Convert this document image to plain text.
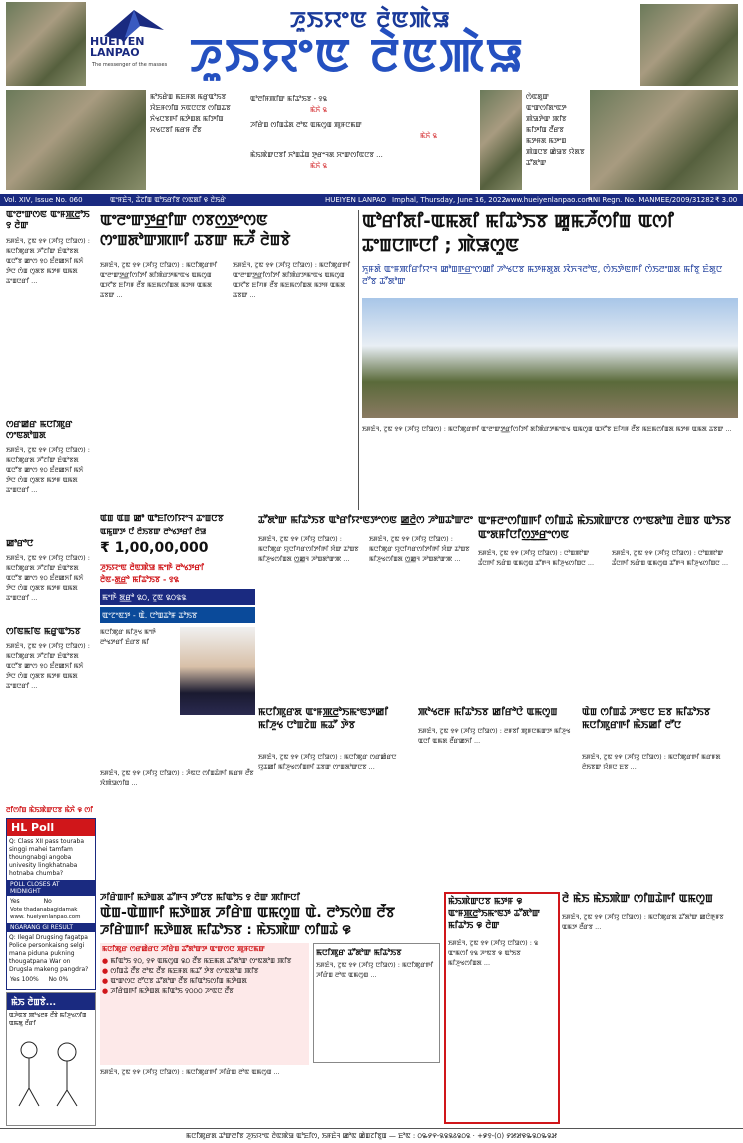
HUEIYEN
LANPAO
The messenger of the masses
ꯍꯨꯏꯌꯦꯟ ꯂꯥꯟꯄꯥꯎ
ꯍꯨꯏꯌꯦꯟ ꯂꯥꯟꯄꯥꯎ
ꯃꯣꯏꯔꯥꯡ ꯃꯐꯝꯗ ꯃꯔꯨꯑꯣꯏꯕ ꯋꯥꯐꯝꯁꯤꯡ ꯈꯟꯅꯅꯕ ꯁꯤꯡꯊꯕ ꯈꯥꯠꯅꯕꯒꯤ ꯃꯇꯥꯡꯗ ꯃꯤꯇꯤꯡ ꯆꯠꯅꯕꯤ ꯃꯔꯝ ꯂꯩꯕ
ꯑꯣꯂꯤꯝꯄꯤꯛ ꯃꯤꯊꯣꯏꯕ - ꯱꯲
ꯃꯥꯈꯥ ꯲
ꯍꯤꯔꯥꯡ ꯁꯤꯡꯊꯥꯗ ꯂꯣꯟ ꯑꯃꯁꯨꯡ ꯄꯨꯝꯅꯃꯛ
ꯃꯥꯈꯥ ꯲
ꯃꯥꯏꯄꯥꯛꯅꯕꯤ ꯈꯣꯡꯊꯥꯡ ꯇꯨꯔꯦꯜꯗ ꯆꯦꯛꯁꯤꯟꯅꯕ ...
ꯃꯥꯈꯥ ꯲
ꯁꯥꯟꯗꯨꯛ ꯑꯦꯛꯁꯤꯗꯦꯟꯇ ꯄꯥꯎꯇꯥꯛ ꯄꯤꯕ ꯃꯤꯇꯤꯡ ꯂꯩꯔꯕ ꯃꯇꯝꯗ ꯃꯇꯦꯡ ꯄꯥꯡꯅꯕ ꯀꯥꯎꯕ ꯌꯥꯗꯕ ꯊꯧꯗꯣꯛ
Vol. XIV, Issue No. 060	ꯑꯦꯝꯐꯥꯜ, ꯊꯥꯖꯤꯡ ꯑꯣꯏꯔꯤꯕ ꯁꯟꯗꯤ ꯶ ꯂꯥꯏꯔꯥ	HUEIYEN LANPAO Imphal, Thursday, June 16, 2022
www.hueiyenlanpao.com
RNI Regn. No. MANMEE/2009/31282 ₹ 3.00
ꯑꯦꯂꯦꯛꯁꯟ ꯑꯦꯝꯄ꯭ꯂꯣꯏ ꯱ ꯂꯥꯛ
ꯏꯝꯐꯥꯜ, ꯖꯨꯟ ꯱꯵ (ꯍꯤꯌꯨ ꯅꯤꯎꯁ) : ꯃꯅꯤꯄꯨꯔꯗ ꯍꯧꯖꯤꯛ ꯐꯥꯑꯣꯕꯗ ꯑꯅꯧꯕ ꯀꯦꯁ ꯱꯰ ꯐꯪꯂꯀꯈꯤ ꯃꯈꯥ ꯇꯥꯅ ꯁꯥꯡ ꯁꯨꯗꯕ ꯃꯇꯝ ꯑꯃꯗ ꯊꯦꯡꯅꯔꯤ ...
ꯁꯔꯀꯥꯔ ꯃꯅꯤꯄꯨꯔ ꯁꯦꯟꯗꯣꯡꯗ
ꯏꯝꯐꯥꯜ, ꯖꯨꯟ ꯱꯵ (ꯍꯤꯌꯨ ꯅꯤꯎꯁ) : ꯃꯅꯤꯄꯨꯔꯗ ꯍꯧꯖꯤꯛ ꯐꯥꯑꯣꯕꯗ ꯑꯅꯧꯕ ꯀꯦꯁ ꯱꯰ ꯐꯪꯂꯀꯈꯤ ꯃꯈꯥ ꯇꯥꯅ ꯁꯥꯡ ꯁꯨꯗꯕ ꯃꯇꯝ ꯑꯃꯗ ꯊꯦꯡꯅꯔꯤ ...
ꯀꯣꯔꯣꯅꯥ
ꯏꯝꯐꯥꯜ, ꯖꯨꯟ ꯱꯵ (ꯍꯤꯌꯨ ꯅꯤꯎꯁ) : ꯃꯅꯤꯄꯨꯔꯗ ꯍꯧꯖꯤꯛ ꯐꯥꯑꯣꯕꯗ ꯑꯅꯧꯕ ꯀꯦꯁ ꯱꯰ ꯐꯪꯂꯀꯈꯤ ꯃꯈꯥ ꯇꯥꯅ ꯁꯥꯡ ꯁꯨꯗꯕ ꯃꯇꯝ ꯑꯃꯗ ꯊꯦꯡꯅꯔꯤ ...
ꯁꯤꯟꯃꯤꯟ ꯃꯔꯨꯑꯣꯏꯕ
ꯏꯝꯐꯥꯜ, ꯖꯨꯟ ꯱꯵ (ꯍꯤꯌꯨ ꯅꯤꯎꯁ) : ꯃꯅꯤꯄꯨꯔꯗ ꯍꯧꯖꯤꯛ ꯐꯥꯑꯣꯕꯗ ꯑꯅꯧꯕ ꯀꯦꯁ ꯱꯰ ꯐꯪꯂꯀꯈꯤ ꯃꯈꯥ ꯇꯥꯅ ꯁꯥꯡ ꯁꯨꯗꯕ ꯃꯇꯝ ꯑꯃꯗ ꯊꯦꯡꯅꯔꯤ ...
ꯂꯤꯁꯤꯡ ꯃꯥꯏꯄꯥꯛꯅꯕ ꯃꯥꯈꯥ ꯶ ꯁꯤ
HL Poll
Q: Class XII pass touraba singgi mahei tamfam thoungnabgi angoba univesity lingkhatnaba hotnaba chumba?
POLL CLOSES AT MIDNIGHT
Yes	No
Vote thadanabagidamak www. hueiyenlanpao.com
NGARANG GI RESULT
Q: Ilegal Drugsing fagatpa Police personkaisng selgi mana piduna pukning thougatpana War on Drugsla makeng pangdra?
Yes 100% No 0%
ꯃꯥꯏ ꯂꯥꯡꯕꯥ...
ꯑꯍꯥꯟꯕ ꯄꯣꯠꯂꯝ ꯂꯩꯕꯥ ꯃꯤꯍꯨꯠꯁꯤꯡ ꯑꯃꯗꯨ ꯂꯩꯔꯤ
ꯑꯦꯂꯦꯛꯇ꯭ꯔꯤꯛ ꯁꯕꯁ꯭ꯇꯦꯁꯟ ꯁꯦꯡꯗꯣꯛꯄꯒꯤ ꯊꯕꯛ ꯃꯍꯩ ꯂꯥꯡꯕꯥ
ꯏꯝꯐꯥꯜ, ꯖꯨꯟ ꯱꯵ (ꯍꯤꯌꯨ ꯅꯤꯎꯁ) : ꯃꯅꯤꯄꯨꯔꯒꯤ ꯑꯦꯂꯦꯛꯇ꯭ꯔꯤꯁꯤꯇꯤ ꯗꯤꯄꯥꯔꯇꯃꯦꯟꯠ ꯑꯃꯁꯨꯡ ꯑꯆꯧꯕ ꯐꯤꯚꯝ ꯂꯩꯕ ꯃꯐꯃꯁꯤꯡꯗ ꯃꯇꯝ ꯑꯃꯗ ꯊꯕꯛ ...
ꯏꯝꯐꯥꯜ, ꯖꯨꯟ ꯱꯵ (ꯍꯤꯌꯨ ꯅꯤꯎꯁ) : ꯃꯅꯤꯄꯨꯔꯒꯤ ꯑꯦꯂꯦꯛꯇ꯭ꯔꯤꯁꯤꯇꯤ ꯗꯤꯄꯥꯔꯇꯃꯦꯟꯠ ꯑꯃꯁꯨꯡ ꯑꯆꯧꯕ ꯐꯤꯚꯝ ꯂꯩꯕ ꯃꯐꯃꯁꯤꯡꯗ ꯃꯇꯝ ꯑꯃꯗ ꯊꯕꯛ ...
ꯑꯣꯔꯤꯗꯤ-ꯑꯃꯗꯤ ꯃꯤꯊꯣꯏꯕ ꯀꯨꯃꯍꯩꯁꯤꯡ ꯑꯁꯤ ꯊꯦꯡꯅꯒꯅꯤ ; ꯄꯥꯎꯁꯨꯟ
ꯈꯨꯝꯗꯥ ꯑꯦꯝꯄꯤꯔꯤꯌꯦꯜ ꯀꯣꯡꯒ꯭ꯔꯦꯁꯀꯤ ꯍꯣꯠꯅꯕ ꯃꯇꯝꯗꯨꯗ ꯋꯥꯈꯜꯂꯣꯟ, ꯁꯥꯏꯇꯥꯟꯒꯤ ꯁꯥꯏꯂꯦꯡꯗ ꯃꯤꯕꯨ ꯐꯥꯗꯨꯅ ꯂꯧꯕ ꯊꯧꯗꯣꯛ
ꯏꯝꯐꯥꯜ, ꯖꯨꯟ ꯱꯵ (ꯍꯤꯌꯨ ꯅꯤꯎꯁ) : ꯃꯅꯤꯄꯨꯔꯒꯤ ꯑꯦꯂꯦꯛꯇ꯭ꯔꯤꯁꯤꯇꯤ ꯗꯤꯄꯥꯔꯇꯃꯦꯟꯠ ꯑꯃꯁꯨꯡ ꯑꯆꯧꯕ ꯐꯤꯚꯝ ꯂꯩꯕ ꯃꯐꯃꯁꯤꯡꯗ ꯃꯇꯝ ꯑꯃꯗ ꯊꯕꯛ ...
ꯑꯥꯡ ꯑꯥꯡ ꯀꯣ ꯑꯣꯐꯤꯁꯤꯌꯦꯜ ꯊꯦꯡꯅꯕ
ꯑꯃꯨꯛꯇ ꯅꯪ ꯂꯥꯏꯕꯛ ꯂꯣꯠꯇꯔꯤ ꯂꯥꯎ
₹ 1,00,00,000
ꯍꯨꯏꯌꯦꯟ ꯂꯥꯟꯄꯥꯎ ꯃꯦꯒꯥ ꯂꯣꯠꯇꯔꯤ
ꯂꯥꯟ-ꯗ꯭ꯔꯣ ꯃꯤꯊꯣꯏꯕ - ꯱꯲
ꯃꯦꯒꯥ ꯗ꯭ꯔꯣ ꯲꯰, ꯖꯨꯟ ꯲꯰꯲꯲
ꯑꯦꯖꯦꯟꯇ - ꯑꯥ. ꯅꯣꯡꯊꯣꯝ ꯊꯣꯏꯕ
ꯃꯅꯤꯄꯨꯔ ꯃꯤꯍꯨꯠ ꯃꯦꯒꯥ ꯂꯣꯠꯇꯔꯤ ꯐꯥꯔꯕ ꯃꯤ
ꯊꯧꯗꯣꯛ ꯃꯤꯊꯣꯏꯕ ꯑꯣꯔꯤꯌꯦꯟꯇꯦꯁꯟ ꯀ꯭ꯂꯥꯁ ꯍꯣꯡꯊꯣꯛꯂꯦ
ꯏꯝꯐꯥꯜ, ꯖꯨꯟ ꯱꯵ (ꯍꯤꯌꯨ ꯅꯤꯎꯁ) : ꯃꯅꯤꯄꯨꯔ ꯌꯨꯅꯤꯚꯔꯁꯤꯇꯤꯒꯤ ꯆꯥꯛ ꯊꯣꯡꯕ ꯃꯤꯍꯨꯠꯁꯤꯡꯗ ꯁ꯭ꯀꯨꯜ ꯍꯣꯡꯗꯣꯛꯄ ...
ꯏꯝꯐꯥꯜ, ꯖꯨꯟ ꯱꯵ (ꯍꯤꯌꯨ ꯅꯤꯎꯁ) : ꯃꯅꯤꯄꯨꯔ ꯌꯨꯅꯤꯚꯔꯁꯤꯇꯤꯒꯤ ꯆꯥꯛ ꯊꯣꯡꯕ ꯃꯤꯍꯨꯠꯁꯤꯡꯗ ꯁ꯭ꯀꯨꯜ ꯍꯣꯡꯗꯣꯛꯄ ...
ꯑꯦꯝꯂꯦꯁꯤꯡꯒꯤ ꯁꯤꯡꯊꯥ ꯃꯥꯏꯄꯥꯛꯅꯕ ꯁꯦꯟꯗꯣꯡ ꯂꯥꯡꯕ ꯑꯣꯏꯕ ꯑꯦꯗꯝꯤꯅꯤꯁ꯭ꯇ꯭ꯔꯦꯁꯟ
ꯏꯝꯐꯥꯜ, ꯖꯨꯟ ꯱꯵ (ꯍꯤꯌꯨ ꯅꯤꯎꯁ) : ꯅꯣꯡꯄꯣꯛ ꯊꯪꯅꯒꯤ ꯏꯔꯥꯡ ꯑꯃꯁꯨꯡ ꯊꯧꯒꯜ ꯃꯤꯍꯨꯠꯁꯤꯡꯅ ...
ꯏꯝꯐꯥꯜ, ꯖꯨꯟ ꯱꯵ (ꯍꯤꯌꯨ ꯅꯤꯎꯁ) : ꯅꯣꯡꯄꯣꯛ ꯊꯪꯅꯒꯤ ꯏꯔꯥꯡ ꯑꯃꯁꯨꯡ ꯊꯧꯒꯜ ꯃꯤꯍꯨꯠꯁꯤꯡꯅ ...
ꯃꯅꯤꯄꯨꯔꯗ ꯑꯦꯝꯄ꯭ꯂꯣꯏꯃꯦꯟꯇꯀꯤ ꯃꯤꯍꯨꯠ ꯅꯣꯡꯖꯥꯡ ꯃꯊꯧ ꯇꯥꯕ
ꯏꯝꯐꯥꯜ, ꯖꯨꯟ ꯱꯵ (ꯍꯤꯌꯨ ꯅꯤꯎꯁ) : ꯃꯅꯤꯄꯨꯔ ꯁꯔꯀꯥꯔꯅ ꯌꯨꯊꯀꯤ ꯃꯤꯍꯨꯠꯁꯤꯡꯒꯤ ꯊꯕꯛ ꯁꯦꯡꯗꯣꯛꯅꯕ ...
ꯄꯣꯠꯂꯝ ꯃꯤꯊꯣꯏꯕ ꯀꯤꯔꯣꯅꯥ ꯑꯃꯁꯨꯡ
ꯏꯝꯐꯥꯜ, ꯖꯨꯟ ꯱꯵ (ꯍꯤꯌꯨ ꯅꯤꯎꯁ) : ꯂꯝꯕꯤ ꯄꯨꯝꯅꯃꯛꯇ ꯃꯤꯍꯨꯠ ꯑꯅꯤ ꯑꯃꯗ ꯂꯩꯔꯀꯈꯤ ...
ꯑꯥꯡ ꯁꯤꯡꯊꯥ ꯍꯦꯟꯅ ꯐꯕ ꯃꯤꯊꯣꯏꯕ ꯃꯅꯤꯄꯨꯔꯒꯤ ꯃꯥꯏꯀꯤ ꯂꯧꯅ
ꯏꯝꯐꯥꯜ, ꯖꯨꯟ ꯱꯵ (ꯍꯤꯌꯨ ꯅꯤꯎꯁ) : ꯃꯅꯤꯄꯨꯔꯒꯤ ꯃꯔꯝꯗ ꯂꯥꯏꯕꯛ ꯌꯥꯝꯅ ꯐꯕ ...
ꯏꯝꯐꯥꯜ, ꯖꯨꯟ ꯱꯵ (ꯍꯤꯌꯨ ꯅꯤꯎꯁ) : ꯍꯥꯟꯅ ꯁꯤꯡꯊꯥꯒꯤ ꯃꯔꯝ ꯂꯩꯕ ꯋꯥꯄꯥꯎꯁꯤꯡ ...
ꯍꯤꯔꯥꯡꯒꯤ ꯃꯇꯥꯡꯗ ꯊꯧꯒꯜ ꯇꯧꯅꯕ ꯃꯤꯑꯣꯏ ꯱ ꯂꯥꯛ ꯄꯤꯒꯅꯤ
ꯑꯥꯡ-ꯑꯥꯡꯒꯤ ꯃꯇꯥꯡꯗ ꯍꯤꯔꯥꯡ ꯑꯃꯁꯨꯡ ꯑꯥ. ꯂꯣꯏꯁꯥꯡ ꯂꯩꯕ
ꯍꯤꯔꯥꯡꯒꯤ ꯃꯇꯥꯡꯗ ꯃꯤꯊꯣꯏꯕ : ꯃꯥꯏꯄꯥꯛ ꯁꯤꯡꯊꯥ ꯶
ꯃꯅꯤꯄꯨꯔ ꯁꯔꯀꯥꯔꯅ ꯍꯤꯔꯥꯡ ꯊꯧꯗꯣꯛꯇ ꯑꯦꯛꯁꯅ ꯄꯨꯝꯅꯃꯛ
● ꯃꯤꯑꯣꯏ ꯱꯰, ꯱꯵ ꯑꯃꯁꯨꯡ ꯲꯰ ꯂꯩꯕ ꯃꯐꯃꯗ ꯊꯧꯗꯣꯛ ꯁꯦꯟꯗꯣꯡ ꯄꯤꯕ
● ꯁꯤꯡꯊꯥ ꯂꯩꯕ ꯂꯣꯟ ꯂꯩꯕ ꯃꯐꯝꯗ ꯃꯊꯧ ꯇꯥꯕ ꯁꯦꯟꯗꯣꯡ ꯄꯤꯕ
● ꯑꯦꯛꯁꯅ ꯂꯧꯅꯕ ꯊꯧꯗꯣꯛ ꯂꯩꯕ ꯃꯤꯑꯣꯏꯁꯤꯡ ꯃꯇꯥꯡꯗ
● ꯍꯤꯔꯥꯡꯒꯤ ꯃꯇꯥꯡꯗ ꯃꯤꯑꯣꯏ ꯱꯰꯰꯰ ꯍꯦꯟꯅ ꯂꯩꯕ
ꯃꯅꯤꯄꯨꯔ ꯊꯧꯗꯣꯛ ꯃꯤꯊꯣꯏꯕ
ꯏꯝꯐꯥꯜ, ꯖꯨꯟ ꯱꯵ (ꯍꯤꯌꯨ ꯅꯤꯎꯁ) : ꯃꯅꯤꯄꯨꯔꯒꯤ ꯍꯤꯔꯥꯡ ꯂꯣꯟ ꯑꯃꯁꯨꯡ ...
ꯏꯝꯐꯥꯜ, ꯖꯨꯟ ꯱꯵ (ꯍꯤꯌꯨ ꯅꯤꯎꯁ) : ꯃꯅꯤꯄꯨꯔꯒꯤ ꯍꯤꯔꯥꯡ ꯂꯣꯟ ꯑꯃꯁꯨꯡ ...
ꯃꯥꯏꯄꯥꯛꯅꯕ ꯃꯇꯝ ꯶ ꯑꯦꯝꯄ꯭ꯂꯣꯏꯃꯦꯟꯇ ꯊꯧꯗꯣꯛ ꯃꯤꯊꯣꯏ ꯶ ꯂꯥꯛ
ꯏꯝꯐꯥꯜ, ꯖꯨꯟ ꯱꯵ (ꯍꯤꯌꯨ ꯅꯤꯎꯁ) : ꯲ ꯑꯦꯃꯁꯤ ꯱꯲ ꯍꯦꯟꯕ ꯶ ꯑꯣꯏꯕ ꯃꯤꯍꯨꯠꯁꯤꯡꯗ ...
ꯂꯥ ꯃꯥꯏ ꯃꯥꯏꯄꯥꯛ ꯁꯤꯡꯊꯥꯒꯤ ꯑꯃꯁꯨꯡ
ꯏꯝꯐꯥꯜ, ꯖꯨꯟ ꯱꯵ (ꯍꯤꯌꯨ ꯅꯤꯎꯁ) : ꯃꯅꯤꯄꯨꯔꯗ ꯊꯧꯗꯣꯛ ꯀꯅꯥꯒꯨꯝꯕ ꯑꯃꯇ ꯂꯩꯔꯕ ...
ꯃꯅꯤꯄꯨꯔꯗ ꯊꯣꯛꯂꯤꯕ ꯍꯨꯏꯌꯦꯟ ꯂꯥꯟꯄꯥꯎ ꯑꯣꯐꯤꯁ, ꯏꯝꯐꯥꯜ ꯀꯣꯟ ꯀꯥꯡꯖꯤꯕꯨꯡ — ꯐꯣꯟ : ꯰꯳꯸꯵-꯲꯲꯲꯴꯲꯰꯲ · +꯹꯱-(꯰) ꯸꯷꯷꯶꯳꯲꯰꯳꯲꯷
